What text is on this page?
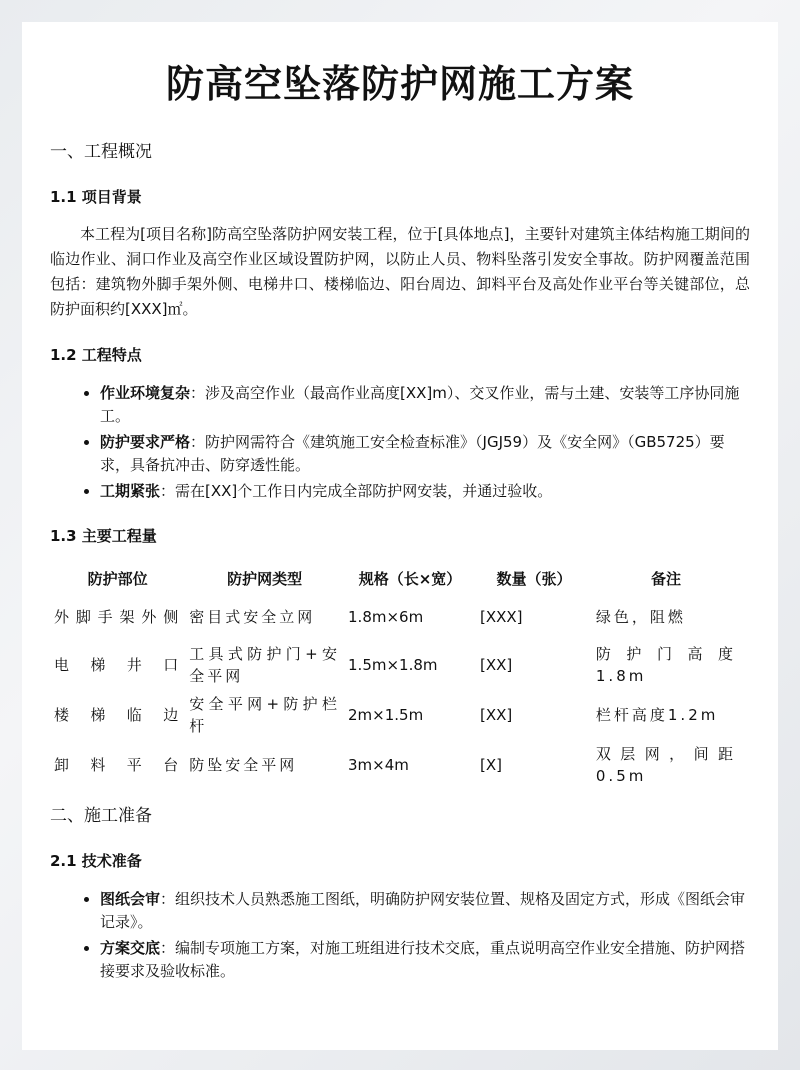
防高空坠落防护网施工方案
一、工程概况
1.1 项目背景
本工程为[项目名称]防高空坠落防护网安装工程，位于[具体地点]，主要针对建筑主体结构施工期间的临边作业、洞口作业及高空作业区域设置防护网，以防止人员、物料坠落引发安全事故。防护网覆盖范围包括：建筑物外脚手架外侧、电梯井口、楼梯临边、阳台周边、卸料平台及高处作业平台等关键部位，总防护面积约[XXX]㎡。
1.2 工程特点
• 作业环境复杂：涉及高空作业（最高作业高度[XX]m）、交叉作业，需与土建、安装等工序协同施工。
• 防护要求严格：防护网需符合《建筑施工安全检查标准》（JGJ59）及《安全网》（GB5725）要求，具备抗冲击、防穿透性能。
• 工期紧张：需在[XX]个工作日内完成全部防护网安装，并通过验收。
1.3 主要工程量
防护部位	防护网类型	规格（长×宽）	数量（张）	备注
外脚手架外侧	密目式安全立网	1.8m×6m	[XXX]	绿色，阻燃
电梯井口	工具式防护门+安全平网	1.5m×1.8m	[XX]	防护门高度1.8m
楼梯临边	安全平网+防护栏杆	2m×1.5m	[XX]	栏杆高度1.2m
卸料平台	防坠安全平网	3m×4m	[X]	双层网，间距0.5m
二、施工准备
2.1 技术准备
• 图纸会审：组织技术人员熟悉施工图纸，明确防护网安装位置、规格及固定方式，形成《图纸会审记录》。
• 方案交底：编制专项施工方案，对施工班组进行技术交底，重点说明高空作业安全措施、防护网搭接要求及验收标准。
